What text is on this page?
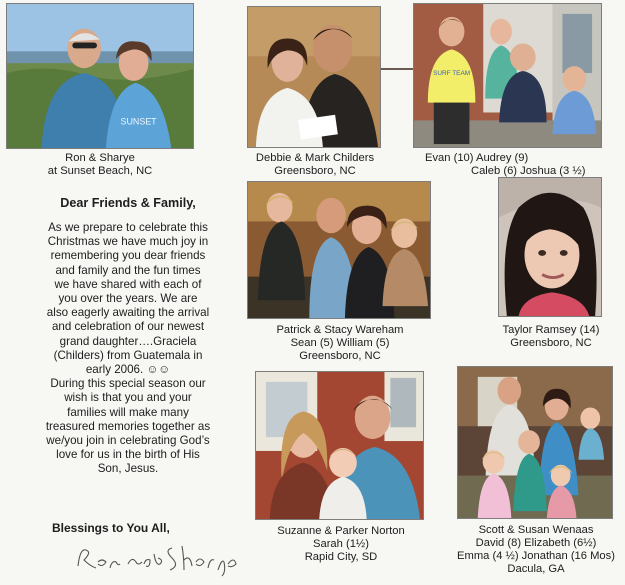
SUNSET
Ron & Sharye
at Sunset Beach, NC
Debbie & Mark Childers
Greensboro, NC
SURF TEAM
Evan (10) Audrey (9)
Caleb (6) Joshua (3 ½)
Dear Friends & Family,
As we prepare to celebrate this
Christmas we have much joy in
remembering you dear friends
and family and the fun times
we have shared with each of
you over the years. We are
also eagerly awaiting the arrival
and celebration of our newest
grand daughter….Graciela
(Childers) from Guatemala in
early 2006. ☺☺
During this special season our
wish is that you and your
families will make many
treasured memories together as
we/you join in celebrating God’s
love for us in the birth of His
Son, Jesus.
Blessings to You All,
Patrick & Stacy Wareham
Sean (5) William (5)
Greensboro, NC
Taylor Ramsey (14)
Greensboro, NC
Suzanne & Parker Norton
Sarah (1½)
Rapid City, SD
Scott & Susan Wenaas
David (8) Elizabeth (6½)
Emma (4 ½) Jonathan (16 Mos)
Dacula, GA
